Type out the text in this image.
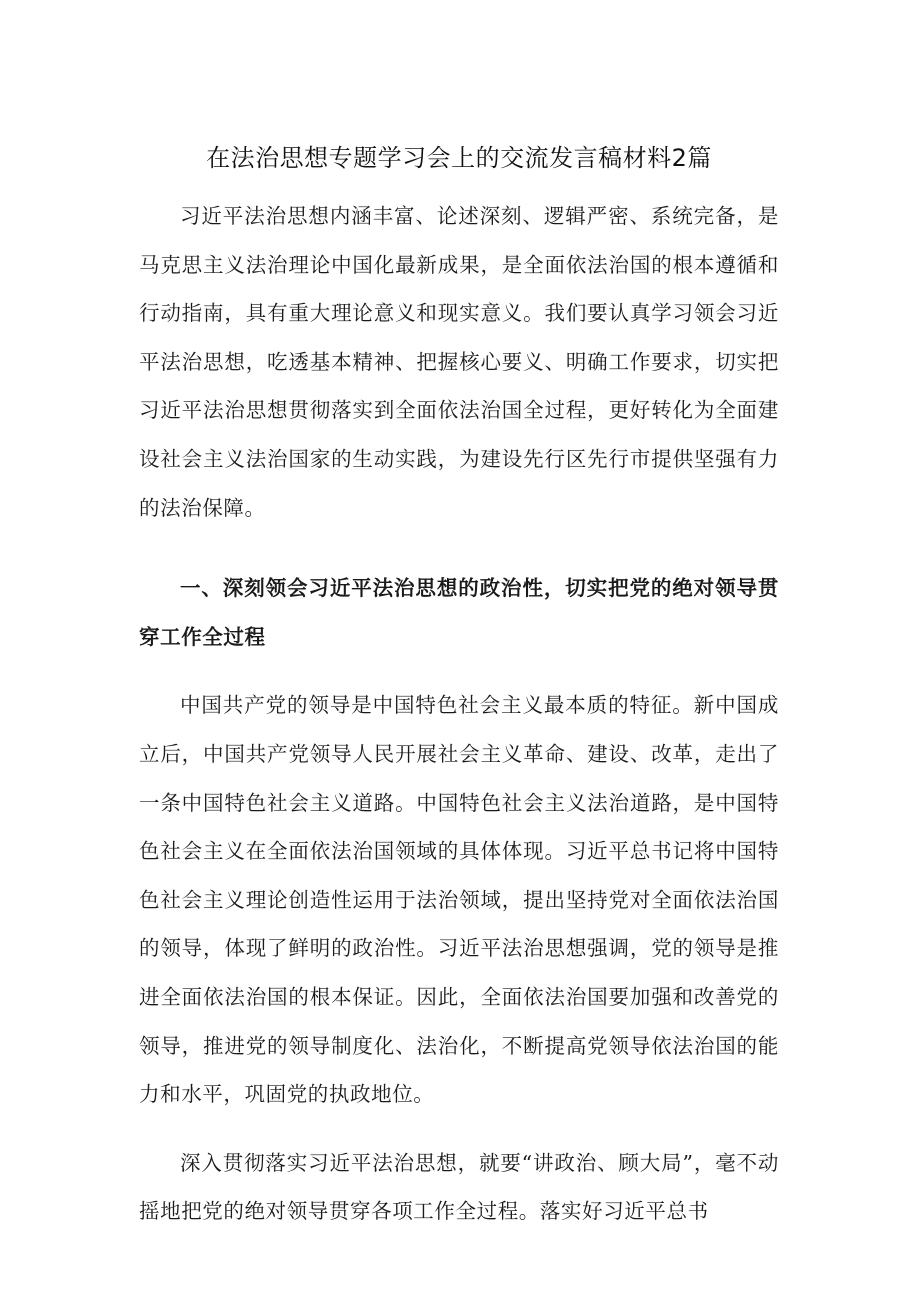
在法治思想专题学习会上的交流发言稿材料2篇

习近平法治思想内涵丰富、论述深刻、逻辑严密、系统完备，是马克思主义法治理论中国化最新成果，是全面依法治国的根本遵循和行动指南，具有重大理论意义和现实意义。我们要认真学习领会习近平法治思想，吃透基本精神、把握核心要义、明确工作要求，切实把习近平法治思想贯彻落实到全面依法治国全过程，更好转化为全面建设社会主义法治国家的生动实践，为建设先行区先行市提供坚强有力的法治保障。

一、深刻领会习近平法治思想的政治性，切实把党的绝对领导贯穿工作全过程

中国共产党的领导是中国特色社会主义最本质的特征。新中国成立后，中国共产党领导人民开展社会主义革命、建设、改革，走出了一条中国特色社会主义道路。中国特色社会主义法治道路，是中国特色社会主义在全面依法治国领域的具体体现。习近平总书记将中国特色社会主义理论创造性运用于法治领域，提出坚持党对全面依法治国的领导，体现了鲜明的政治性。习近平法治思想强调，党的领导是推进全面依法治国的根本保证。因此，全面依法治国要加强和改善党的领导，推进党的领导制度化、法治化，不断提高党领导依法治国的能力和水平，巩固党的执政地位。

深入贯彻落实习近平法治思想，就要“讲政治、顾大局”，毫不动摇地把党的绝对领导贯穿各项工作全过程。落实好习近平总书
